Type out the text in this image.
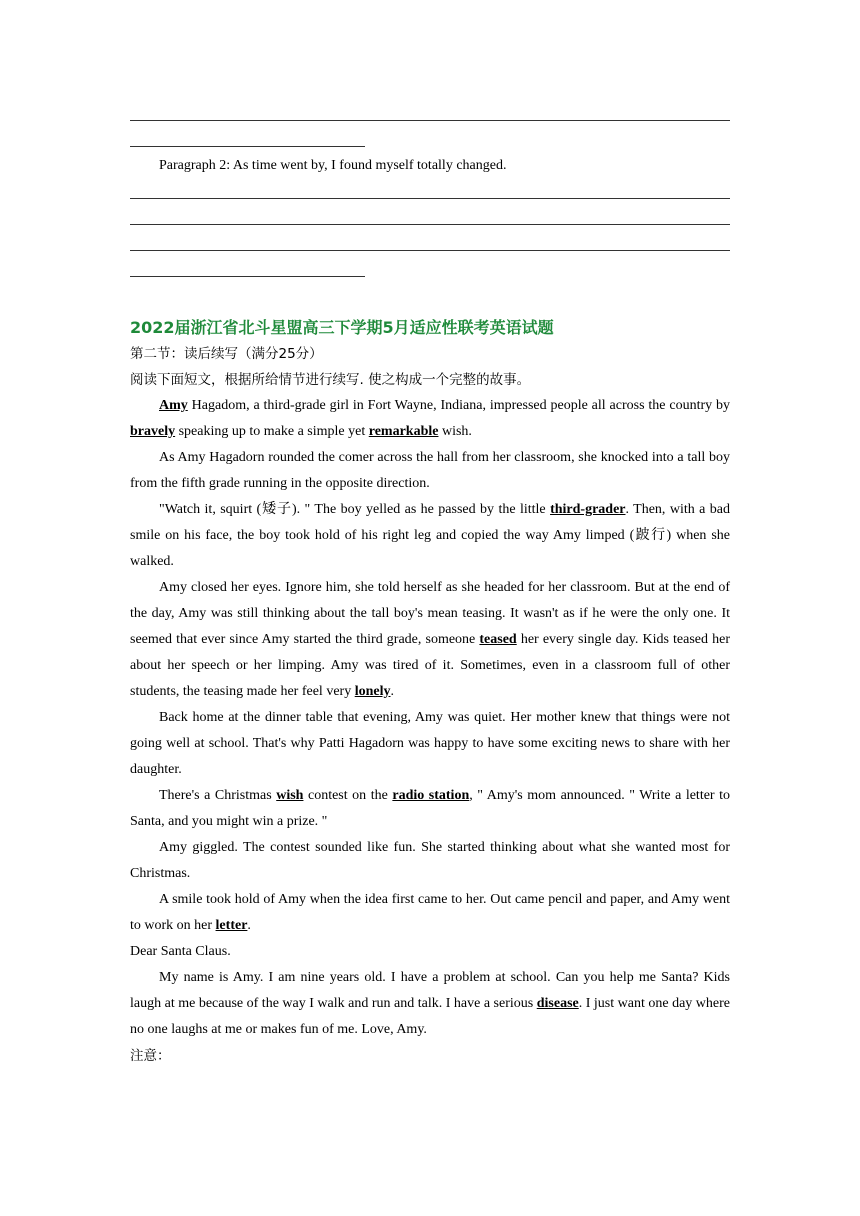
Paragraph 2: As time went by, I found myself totally changed.

2022届浙江省北斗星盟高三下学期5月适应性联考英语试题

第二节：读后续写（满分25分）

阅读下面短文，根据所给情节进行续写. 使之构成一个完整的故事。

Amy Hagadom, a third-grade girl in Fort Wayne, Indiana, impressed people all across the country by bravely speaking up to make a simple yet remarkable wish.

As Amy Hagadorn rounded the comer across the hall from her classroom, she knocked into a tall boy from the fifth grade running in the opposite direction.

"Watch it, squirt (矮子). " The boy yelled as he passed by the little third-grader. Then, with a bad smile on his face, the boy took hold of his right leg and copied the way Amy limped (跛行) when she walked.

Amy closed her eyes. Ignore him, she told herself as she headed for her classroom. But at the end of the day, Amy was still thinking about the tall boy's mean teasing. It wasn't as if he were the only one. It seemed that ever since Amy started the third grade, someone teased her every single day. Kids teased her about her speech or her limping. Amy was tired of it. Sometimes, even in a classroom full of other students, the teasing made her feel very lonely.

Back home at the dinner table that evening, Amy was quiet. Her mother knew that things were not going well at school. That's why Patti Hagadorn was happy to have some exciting news to share with her daughter.

There's a Christmas wish contest on the radio station, " Amy's mom announced. " Write a letter to Santa, and you might win a prize. "

Amy giggled. The contest sounded like fun. She started thinking about what she wanted most for Christmas.

A smile took hold of Amy when the idea first came to her. Out came pencil and paper, and Amy went to work on her letter.

Dear Santa Claus.

My name is Amy. I am nine years old. I have a problem at school. Can you help me Santa? Kids laugh at me because of the way I walk and run and talk. I have a serious disease. I just want one day where no one laughs at me or makes fun of me. Love, Amy.

注意：
